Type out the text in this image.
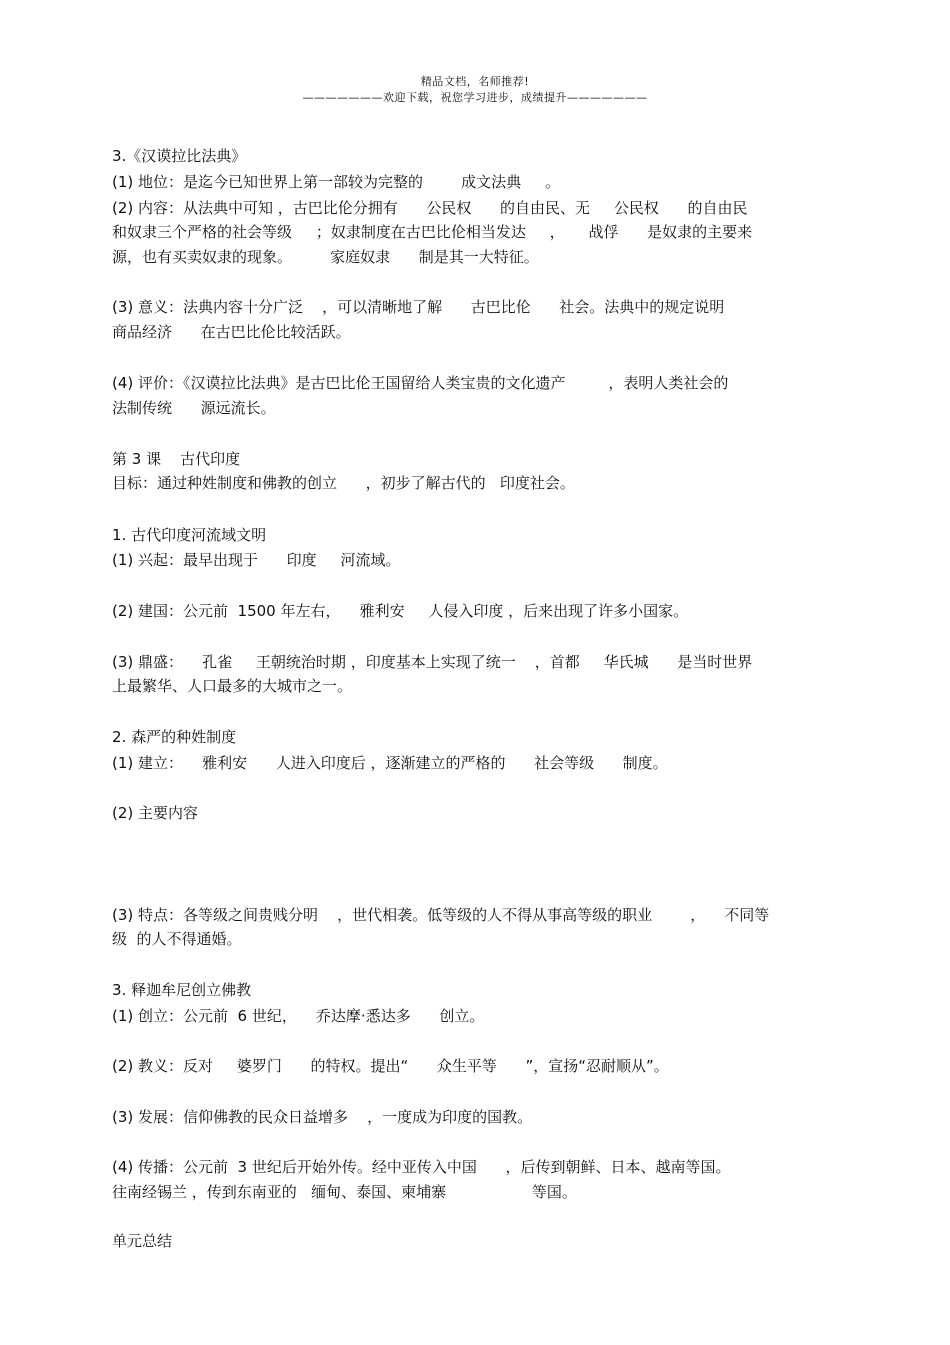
精品文档，名师推荐!
———————欢迎下载，祝您学习进步，成绩提升———————
3.《汉谟拉比法典》
(1) 地位：是迄今已知世界上第一部较为完整的        成文法典     。
(2) 内容：从法典中可知 ，古巴比伦分拥有      公民权      的自由民、无     公民权      的自由民
和奴隶三个严格的社会等级     ；奴隶制度在古巴比伦相当发达     ，     战俘      是奴隶的主要来
源，也有买卖奴隶的现象。        家庭奴隶      制是其一大特征。
(3) 意义：法典内容十分广泛    ，可以清晰地了解      古巴比伦      社会。法典中的规定说明
商品经济      在古巴比伦比较活跃。
(4) 评价：《汉谟拉比法典》是古巴比伦王国留给人类宝贵的文化遗产         ，表明人类社会的
法制传统      源远流长。
第 3 课    古代印度
目标：通过种姓制度和佛教的创立      ，初步了解古代的   印度社会。
1. 古代印度河流域文明
(1) 兴起：最早出现于      印度     河流域。
(2) 建国：公元前  1500 年左右，    雅利安     人侵入印度 ，后来出现了许多小国家。
(3) 鼎盛：    孔雀     王朝统治时期 ，印度基本上实现了统一    ，首都     华氏城      是当时世界
上最繁华、人口最多的大城市之一。
2. 森严的种姓制度
(1) 建立：    雅利安      人进入印度后 ，逐渐建立的严格的      社会等级      制度。
(2) 主要内容
(3) 特点：各等级之间贵贱分明    ，世代相袭。低等级的人不得从事高等级的职业        ，    不同等
级  的人不得通婚。
3. 释迦牟尼创立佛教
(1) 创立：公元前  6 世纪，    乔达摩·悉达多      创立。
(2) 教义：反对     婆罗门      的特权。提出“      众生平等      ”，宣扬“忍耐顺从”。
(3) 发展：信仰佛教的民众日益增多    ，一度成为印度的国教。
(4) 传播：公元前  3 世纪后开始外传。经中亚传入中国      ，后传到朝鲜、日本、越南等国。
往南经锡兰 ，传到东南亚的   缅甸、泰国、柬埔寨                  等国。
单元总结
